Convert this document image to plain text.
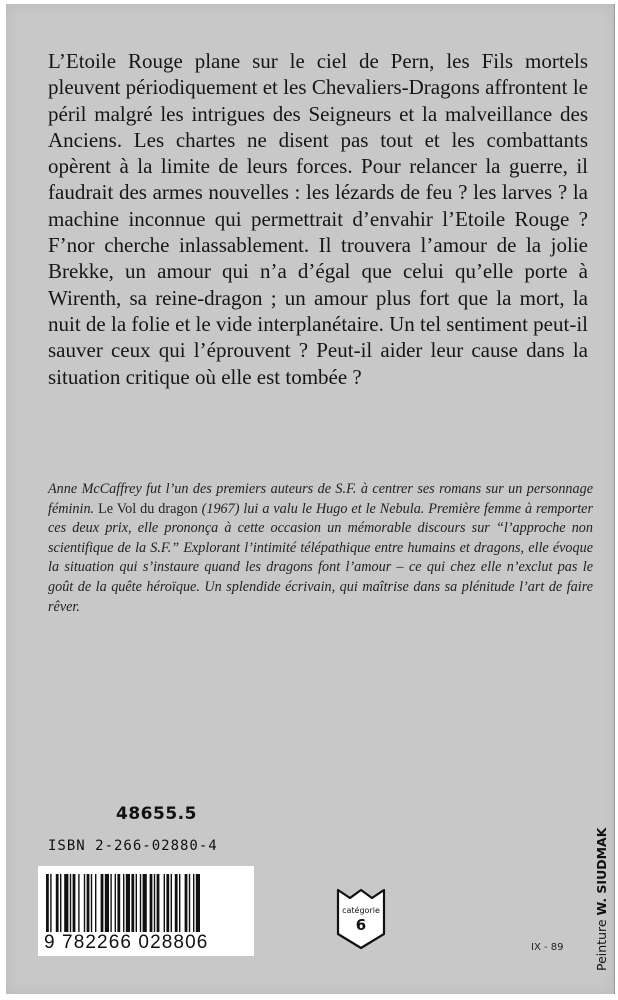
L’Etoile Rouge plane sur le ciel de Pern, les Fils mortels pleuvent périodiquement et les Chevaliers-Dragons affrontent le péril malgré les intrigues des Seigneurs et la malveillance des Anciens. Les chartes ne disent pas tout et les combattants opèrent à la limite de leurs forces. Pour relancer la guerre, il faudrait des armes nouvelles : les lézards de feu ? les larves ? la machine inconnue qui permettrait d’envahir l’Etoile Rouge ? F’nor cherche inlassablement. Il trouvera l’amour de la jolie Brekke, un amour qui n’a d’égal que celui qu’elle porte à Wirenth, sa reine-dragon ; un amour plus fort que la mort, la nuit de la folie et le vide interplanétaire. Un tel sentiment peut-il sauver ceux qui l’éprouvent ? Peut-il aider leur cause dans la situation critique où elle est tombée ?

Anne McCaffrey fut l’un des premiers auteurs de S.F. à centrer ses romans sur un personnage féminin. Le Vol du dragon (1967) lui a valu le Hugo et le Nebula. Première femme à remporter ces deux prix, elle prononça à cette occasion un mémorable discours sur “l’approche non scientifique de la S.F.” Explorant l’intimité télépathique entre humains et dragons, elle évoque la situation qui s’instaure quand les dragons font l’amour – ce qui chez elle n’exclut pas le goût de la quête héroïque. Un splendide écrivain, qui maîtrise dans sa plénitude l’art de faire rêver.

48655.5
ISBN 2-266-02880-4
9 782266 028806
catégorie
6
IX - 89 Peinture W. SIUDMAK
